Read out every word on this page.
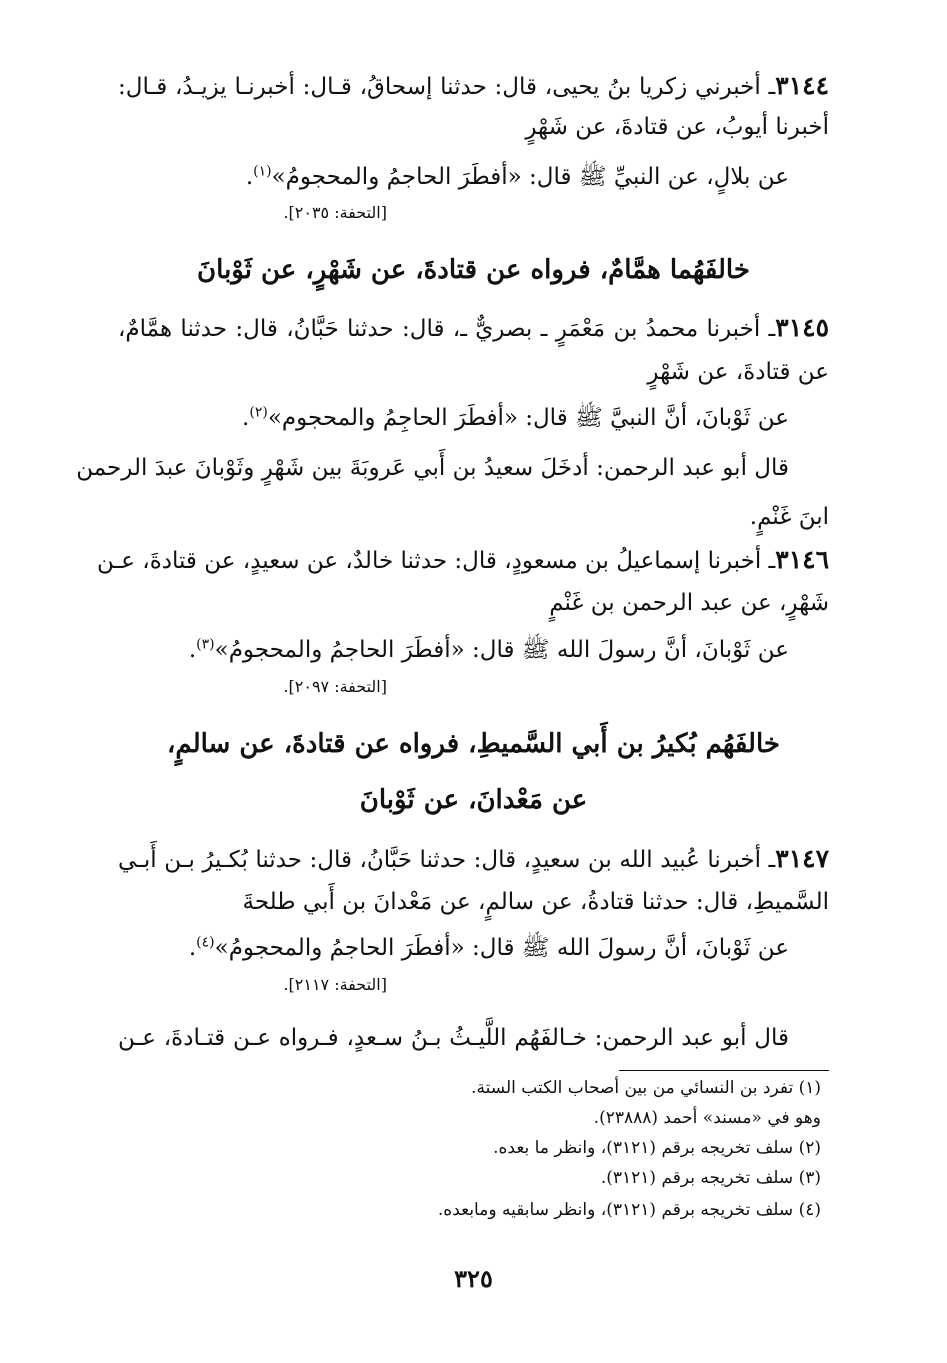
٣١٤٤ـ أخبرني زكريا بنُ يحيى، قال: حدثنا إسحاقُ، قـال: أخبرنـا يزيـدُ، قـال:
أخبرنا أيوبُ، عن قتادةَ، عن شَهْرٍ
عن بلالٍ، عن النبيِّ ﷺ قال: «أفطَرَ الحاجمُ والمحجومُ»$^{(١)}$.
[التحفة: ٢٠٣٥].
خالفَهُما همَّامٌ، فرواه عن قتادةَ، عن شَهْرٍ، عن ثَوْبانَ
٣١٤٥ـ أخبرنا محمدُ بن مَعْمَرٍ ـ بصريٌّ ـ، قال: حدثنا حَبَّانُ، قال: حدثنا همَّامٌ،
عن قتادةَ، عن شَهْرٍ
عن ثَوْبانَ، أنَّ النبيَّ ﷺ قال: «أفطَرَ الحاجِمُ والمحجوم»$^{(٢)}$.
قال أبو عبد الرحمن: أدخَلَ سعيدُ بن أَبي عَروبَةَ بين شَهْرٍ وثَوْبانَ عبدَ الرحمن
ابنَ غَنْمٍ.
٣١٤٦ـ أخبرنا إسماعيلُ بن مسعودٍ، قال: حدثنا خالدٌ، عن سعيدٍ، عن قتادةَ، عـن
شَهْرٍ، عن عبد الرحمن بن غَنْمٍ
عن ثَوْبانَ، أنَّ رسولَ الله ﷺ قال: «أفطَرَ الحاجمُ والمحجومُ»$^{(٣)}$.
[التحفة: ٢٠٩٧].
خالفَهُم بُكيرُ بن أَبي السَّميطِ، فرواه عن قتادةَ، عن سالمٍ،
عن مَعْدانَ، عن ثَوْبانَ
٣١٤٧ـ أخبرنا عُبيد الله بن سعيدٍ، قال: حدثنا حَبَّانُ، قال: حدثنا بُكـيرُ بـن أَبـي
السَّميطِ، قال: حدثنا قتادةُ، عن سالمٍ، عن مَعْدانَ بن أَبي طلحةَ
عن ثَوْبانَ، أنَّ رسولَ الله ﷺ قال: «أفطَرَ الحاجمُ والمحجومُ»$^{(٤)}$.
[التحفة: ٢١١٧].
قال أبو عبد الرحمن: خـالفَهُم اللَّيـثُ بـنُ سـعدٍ، فـرواه عـن قتـادةَ، عـن
(١) تفرد بن النسائي من بين أصحاب الكتب الستة.
وهو في «مسند» أحمد (٢٣٨٨٨).
(٢) سلف تخريجه برقم (٣١٢١)، وانظر ما بعده.
(٣) سلف تخريجه برقم (٣١٢١).
(٤) سلف تخريجه برقم (٣١٢١)، وانظر سابقيه ومابعده.
٣٢٥
